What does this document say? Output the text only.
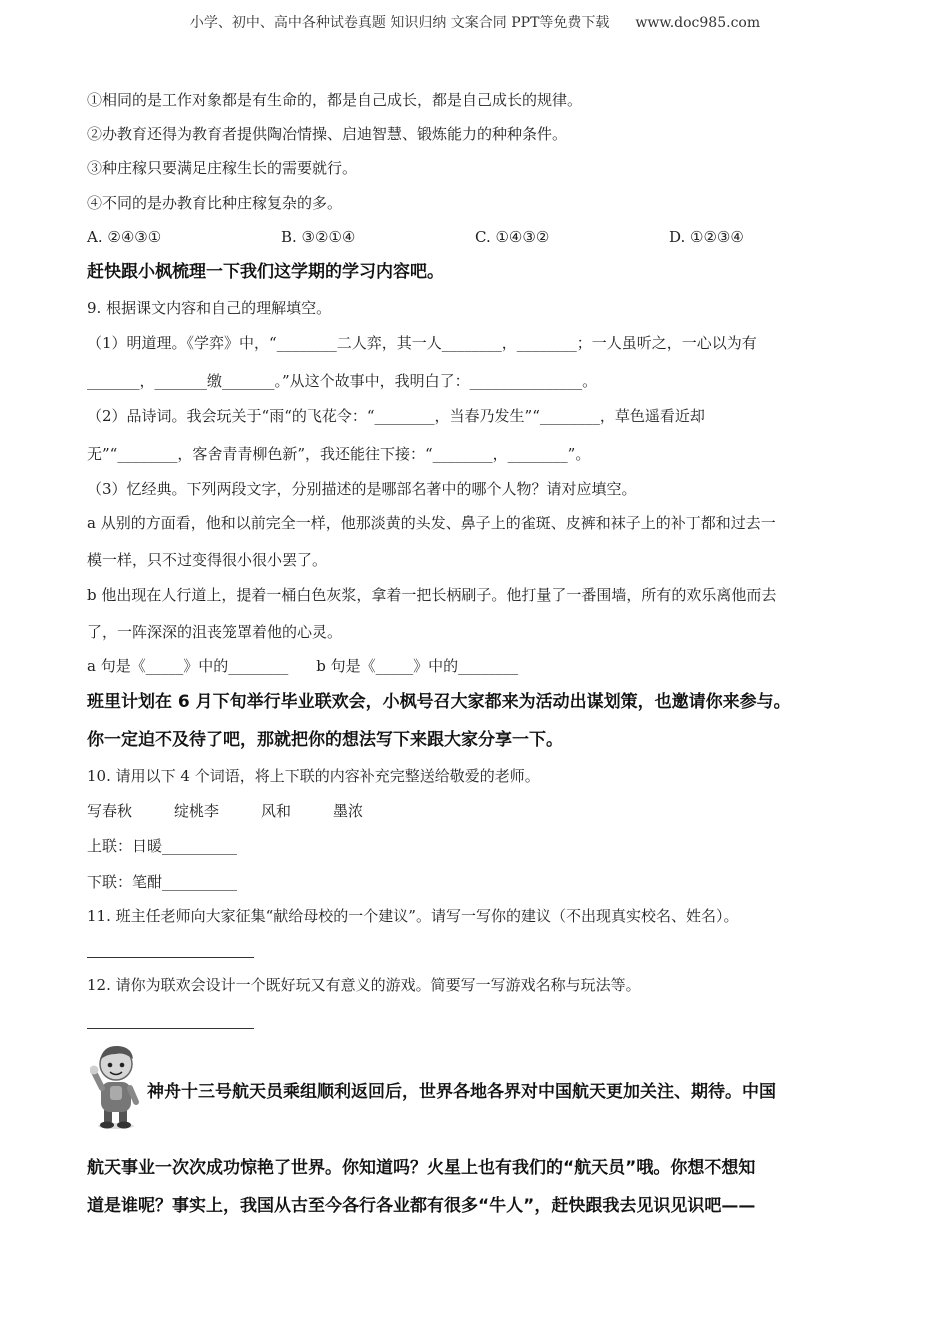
小学、初中、高中各种试卷真题 知识归纳 文案合同 PPT等免费下载 www.doc985.com
①相同的是工作对象都是有生命的，都是自己成长，都是自己成长的规律。
②办教育还得为教育者提供陶冶情操、启迪智慧、锻炼能力的种种条件。
③种庄稼只要满足庄稼生长的需要就行。
④不同的是办教育比种庄稼复杂的多。
A. ②④③①	B. ③②①④	C. ①④③②	D. ①②③④
赶快跟小枫梳理一下我们这学期的学习内容吧。
9. 根据课文内容和自己的理解填空。
（1）明道理。《学弈》中，“________二人弈，其一人________，________；一人虽听之，一心以为有
_______，_______缴_______。”从这个故事中，我明白了：_______________。
（2）品诗词。我会玩关于“雨“的飞花令：“________，当春乃发生”“________，草色遥看近却
无”“________，客舍青青柳色新”，我还能往下接：“________，________”。
（3）忆经典。下列两段文字，分别描述的是哪部名著中的哪个人物？请对应填空。
a 从别的方面看，他和以前完全一样，他那淡黄的头发、鼻子上的雀斑、皮裤和袜子上的补丁都和过去一
模一样，只不过变得很小很小罢了。
b 他出现在人行道上，提着一桶白色灰浆，拿着一把长柄刷子。他打量了一番围墙，所有的欢乐离他而去
了，一阵深深的沮丧笼罩着他的心灵。
a 句是《_____》中的________ b 句是《_____》中的________
班里计划在 6 月下旬举行毕业联欢会，小枫号召大家都来为活动出谋划策，也邀请你来参与。
你一定迫不及待了吧，那就把你的想法写下来跟大家分享一下。
10. 请用以下 4 个词语，将上下联的内容补充完整送给敬爱的老师。
写春秋	绽桃李	风和	墨浓
上联：日暖__________
下联：笔酣__________
11. 班主任老师向大家征集“献给母校的一个建议”。请写一写你的建议（不出现真实校名、姓名）。
12. 请你为联欢会设计一个既好玩又有意义的游戏。简要写一写游戏名称与玩法等。
神舟十三号航天员乘组顺利返回后，世界各地各界对中国航天更加关注、期待。中国
航天事业一次次成功惊艳了世界。你知道吗？火星上也有我们的“航天员”哦。你想不想知
道是谁呢？事实上，我国从古至今各行各业都有很多“牛人”，赶快跟我去见识见识吧——
